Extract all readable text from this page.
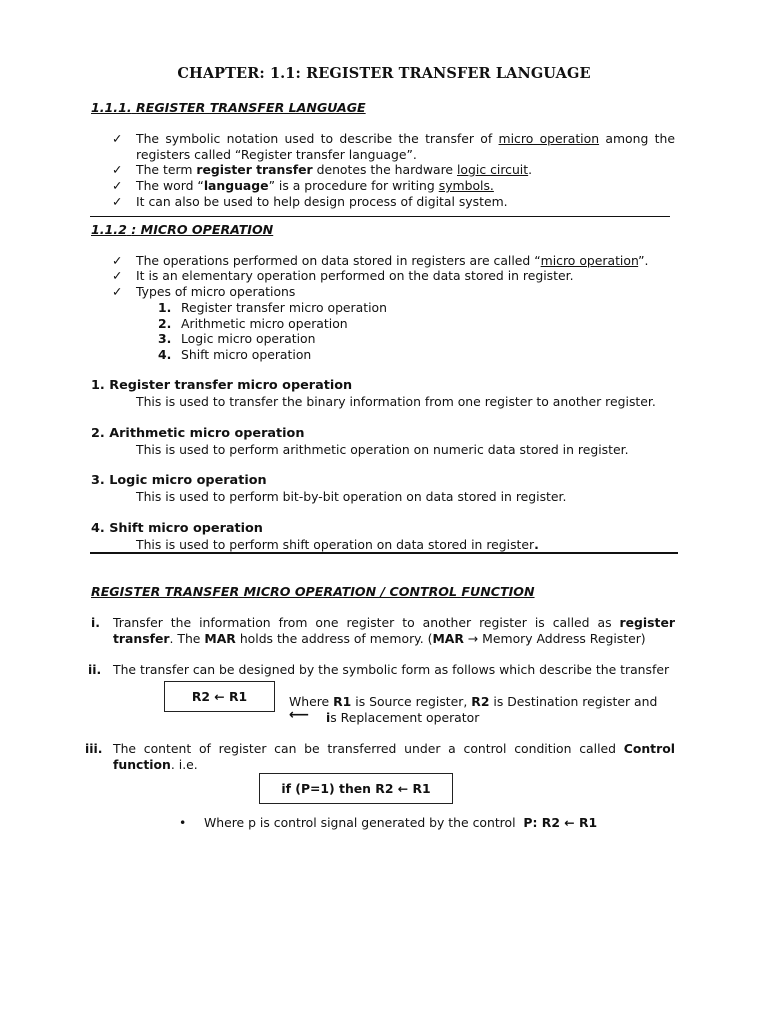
CHAPTER: 1.1: REGISTER TRANSFER LANGUAGE
1.1.1. REGISTER TRANSFER LANGUAGE
✓ The symbolic notation used to describe the transfer of micro operation among the
registers called “Register transfer language”.
✓ The term register transfer denotes the hardware logic circuit.
✓ The word “language” is a procedure for writing symbols.
✓ It can also be used to help design process of digital system.
1.1.2 : MICRO OPERATION
✓ The operations performed on data stored in registers are called “micro operation”.
✓ It is an elementary operation performed on the data stored in register.
✓ Types of micro operations
1. Register transfer micro operation
2. Arithmetic micro operation
3. Logic micro operation
4. Shift micro operation
1. Register transfer micro operation
This is used to transfer the binary information from one register to another register.
2. Arithmetic micro operation
This is used to perform arithmetic operation on numeric data stored in register.
3. Logic micro operation
This is used to perform bit-by-bit operation on data stored in register.
4. Shift micro operation
This is used to perform shift operation on data stored in register.
REGISTER TRANSFER MICRO OPERATION / CONTROL FUNCTION
i. Transfer the information from one register to another register is called as register
transfer. The MAR holds the address of memory. (MAR → Memory Address Register)
ii. The transfer can be designed by the symbolic form as follows which describe the transfer
R2 ← R1	Where R1 is Source register, R2 is Destination register and
⟵ is Replacement operator
iii. The content of register can be transferred under a control condition called Control
function. i.e.
if (P=1) then R2 ← R1
• Where p is control signal generated by the control P: R2 ← R1
